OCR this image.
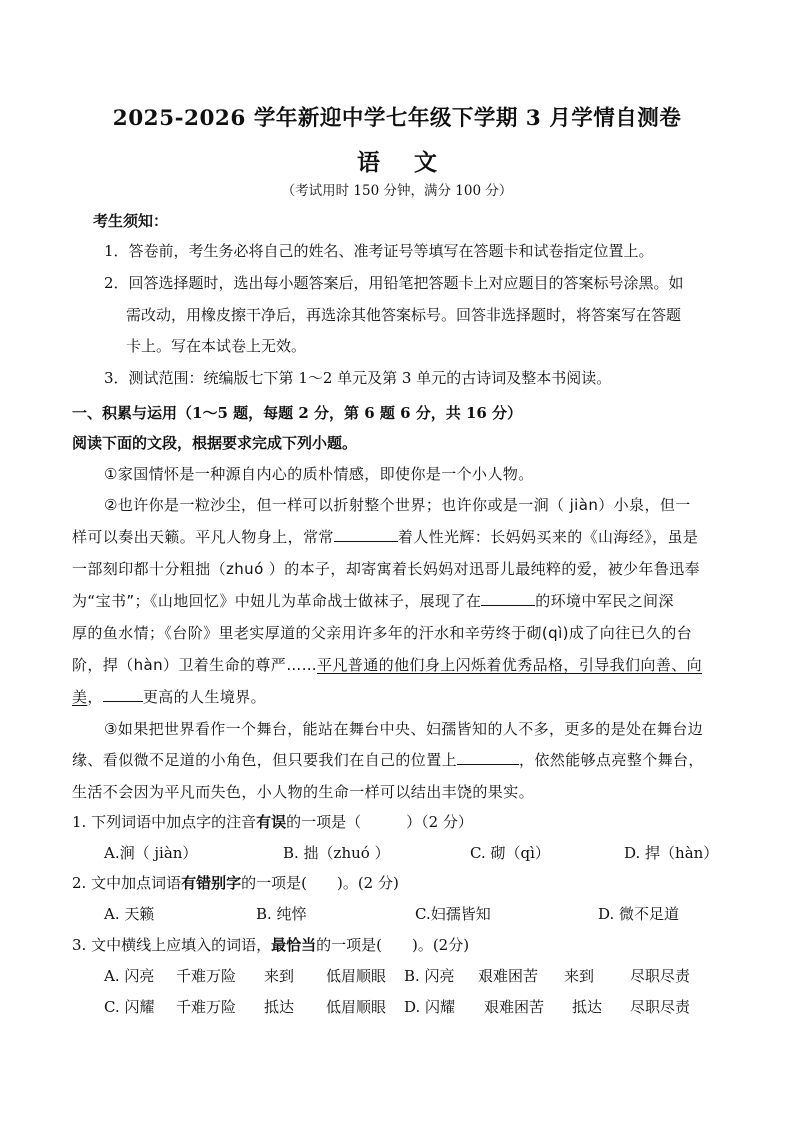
2025-2026 学年新迎中学七年级下学期 3 月学情自测卷
语 文
（考试用时 150 分钟，满分 100 分）
考生须知：
1．答卷前，考生务必将自己的姓名、准考证号等填写在答题卡和试卷指定位置上。
2．回答选择题时，选出每小题答案后，用铅笔把答题卡上对应题目的答案标号涂黑。如
需改动，用橡皮擦干净后，再选涂其他答案标号。回答非选择题时，将答案写在答题
卡上。写在本试卷上无效。
3．测试范围：统编版七下第 1～2 单元及第 3 单元的古诗词及整本书阅读。
一、积累与运用（1～5 题，每题 2 分，第 6 题 6 分，共 16 分）
阅读下面的文段，根据要求完成下列小题。
①家国情怀是一种源自内心的质朴情感，即使你是一个小人物。
②也许你是一粒沙尘，但一样可以折射整个世界；也许你或是一涧（ jiàn）小泉，但一
样可以奏出天籁。平凡人物身上，常常	着人性光辉：长妈妈买来的《山海经》，虽是
一部刻印都十分粗拙（zhuó ）的本子，却寄寓着长妈妈对迅哥儿最纯粹的爱，被少年鲁迅奉
为“宝书”；《山地回忆》中妞儿为革命战士做袜子，展现了在	的环境中军民之间深
厚的鱼水情；《台阶》里老实厚道的父亲用许多年的汗水和辛劳终于砌(qì)成了向往已久的台
阶，捍（hàn）卫着生命的尊严……平凡普通的他们身上闪烁着优秀品格，引导我们向善、向
美，	更高的人生境界。
③如果把世界看作一个舞台，能站在舞台中央、妇孺皆知的人不多，更多的是处在舞台边
缘、看似微不足道的小角色，但只要我们在自己的位置上	，依然能够点亮整个舞台，
生活不会因为平凡而失色，小人物的生命一样可以结出丰饶的果实。
1. 下列词语中加点字的注音有误的一项是（　　　）（2 分）
A.涧（ jiàn）	B. 拙（zhuó ）	C. 砌（qì）	D. 捍（hàn）
2. 文中加点词语有错别字的一项是(　　)。(2 分)
A. 天籁	B. 纯悴	C.妇孺皆知	D. 微不足道
3. 文中横线上应填入的词语，最恰当的一项是(　　)。(2分)
A. 闪亮 千难万险 来到 低眉顺眼 B. 闪亮 艰难困苦 来到 尽职尽责
C. 闪耀 千难万险 抵达 低眉顺眼 D. 闪耀 艰难困苦 抵达 尽职尽责
